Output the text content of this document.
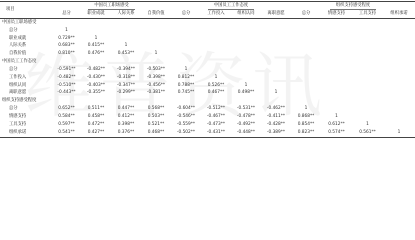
项目	中国员工职场感受				中国员工工作态度				组织支持感受程度			
	总分	职业成就	人际关系	自我价值	总分	工作投入	组织认同	离职意愿	总分	情感支持	工具支持	组织承诺
中国员工职场感受												
总分	1											
职业成就	0.729**	1										
人际关系	0.683**	0.415**	1									
自我价值	0.810**	0.476**	0.453**	1								
中国员工工作态度												
总分	-0.591**	-0.482**	-0.394**	-0.503**	1							
工作投入	-0.482**	-0.430**	-0.318**	-0.398**	0.812**	1						
组织认同	-0.510**	-0.403**	-0.347**	-0.456**	0.788**	0.526**	1					
离职意愿	-0.443**	-0.355**	-0.299**	-0.381**	0.745**	0.467**	0.498**	1				
组织支持感受程度												
总分	0.652**	0.511**	0.447**	0.568**	-0.604**	-0.512**	-0.531**	-0.462**	1			
情感支持	0.584**	0.458**	0.412**	0.503**	-0.546**	-0.467**	-0.478**	-0.411**	0.868**	1		
工具支持	0.597**	0.472**	0.398**	0.521**	-0.559**	-0.473**	-0.492**	-0.428**	0.854**	0.612**	1	
组织承诺	0.541**	0.427**	0.376**	0.468**	-0.502**	-0.431**	-0.448**	-0.389**	0.823**	0.574**	0.561**	1
